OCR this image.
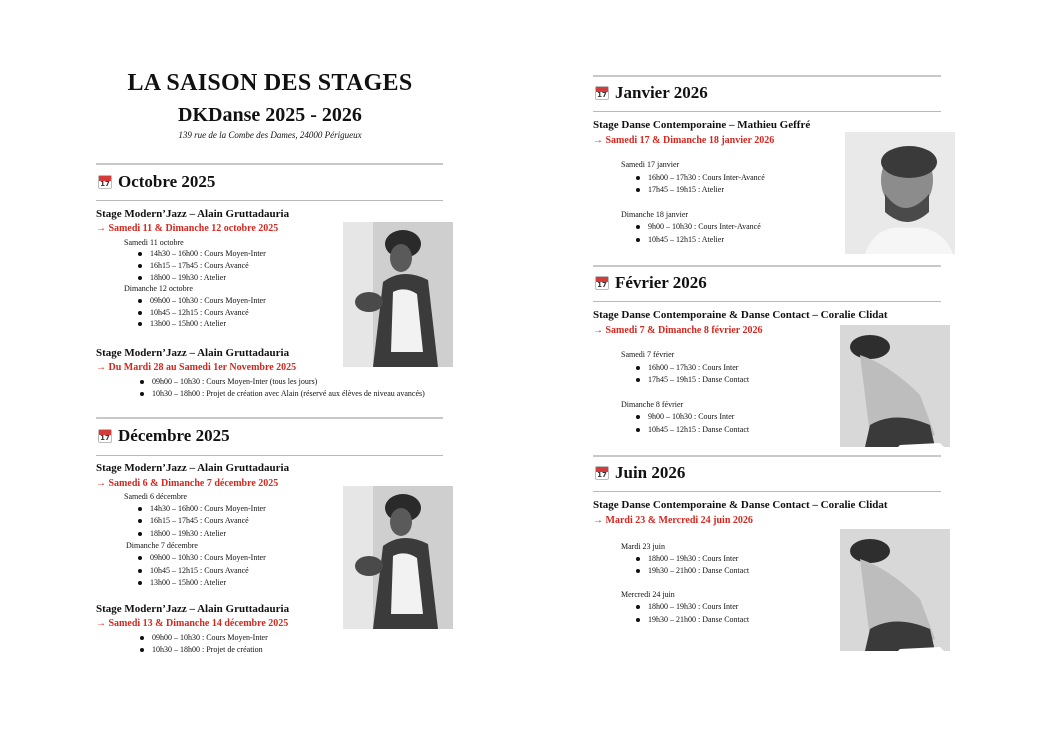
LA SAISON DES STAGES
DKDanse 2025 - 2026
139 rue de la Combe des Dames, 24000 Périgueux
17 Octobre 2025
Stage Modern’Jazz – Alain Gruttadauria
→ Samedi 11 & Dimanche 12 octobre 2025
Samedi 11 octobre
14h30 – 16h00 : Cours Moyen-Inter
16h15 – 17h45 : Cours Avancé
18h00 – 19h30 : Atelier
Dimanche 12 octobre
09h00 – 10h30 : Cours Moyen-Inter
10h45 – 12h15 : Cours Avancé
13h00 – 15h00 : Atelier
Stage Modern’Jazz – Alain Gruttadauria
→ Du Mardi 28 au Samedi 1er Novembre 2025
09h00 – 10h30 : Cours Moyen-Inter (tous les jours)
10h30 – 18h00 : Projet de création avec Alain (réservé aux élèves de niveau avancés)
17 Décembre 2025
Stage Modern’Jazz – Alain Gruttadauria
→ Samedi 6 & Dimanche 7 décembre 2025
Samedi 6 décembre
14h30 – 16h00 : Cours Moyen-Inter
16h15 – 17h45 : Cours Avancé
18h00 – 19h30 : Atelier
Dimanche 7 décembre
09h00 – 10h30 : Cours Moyen-Inter
10h45 – 12h15 : Cours Avancé
13h00 – 15h00 : Atelier
Stage Modern’Jazz – Alain Gruttadauria
→ Samedi 13 & Dimanche 14 décembre 2025
09h00 – 10h30 : Cours Moyen-Inter
10h30 – 18h00 : Projet de création
17 Janvier 2026
Stage Danse Contemporaine – Mathieu Geffré
→ Samedi 17 & Dimanche 18 janvier 2026
Samedi 17 janvier
16h00 – 17h30 : Cours Inter-Avancé
17h45 – 19h15 : Atelier
Dimanche 18 janvier
9h00 – 10h30 : Cours Inter-Avancé
10h45 – 12h15 : Atelier
17 Février 2026
Stage Danse Contemporaine & Danse Contact – Coralie Clidat
→ Samedi 7 & Dimanche 8 février 2026
Samedi 7 février
16h00 – 17h30 : Cours Inter
17h45 – 19h15 : Danse Contact
Dimanche 8 février
9h00 – 10h30 : Cours Inter
10h45 – 12h15 : Danse Contact
17 Juin 2026
Stage Danse Contemporaine & Danse Contact – Coralie Clidat
→ Mardi 23 & Mercredi 24 juin 2026
Mardi 23 juin
18h00 – 19h30 : Cours Inter
19h30 – 21h00 : Danse Contact
Mercredi 24 juin
18h00 – 19h30 : Cours Inter
19h30 – 21h00 : Danse Contact
